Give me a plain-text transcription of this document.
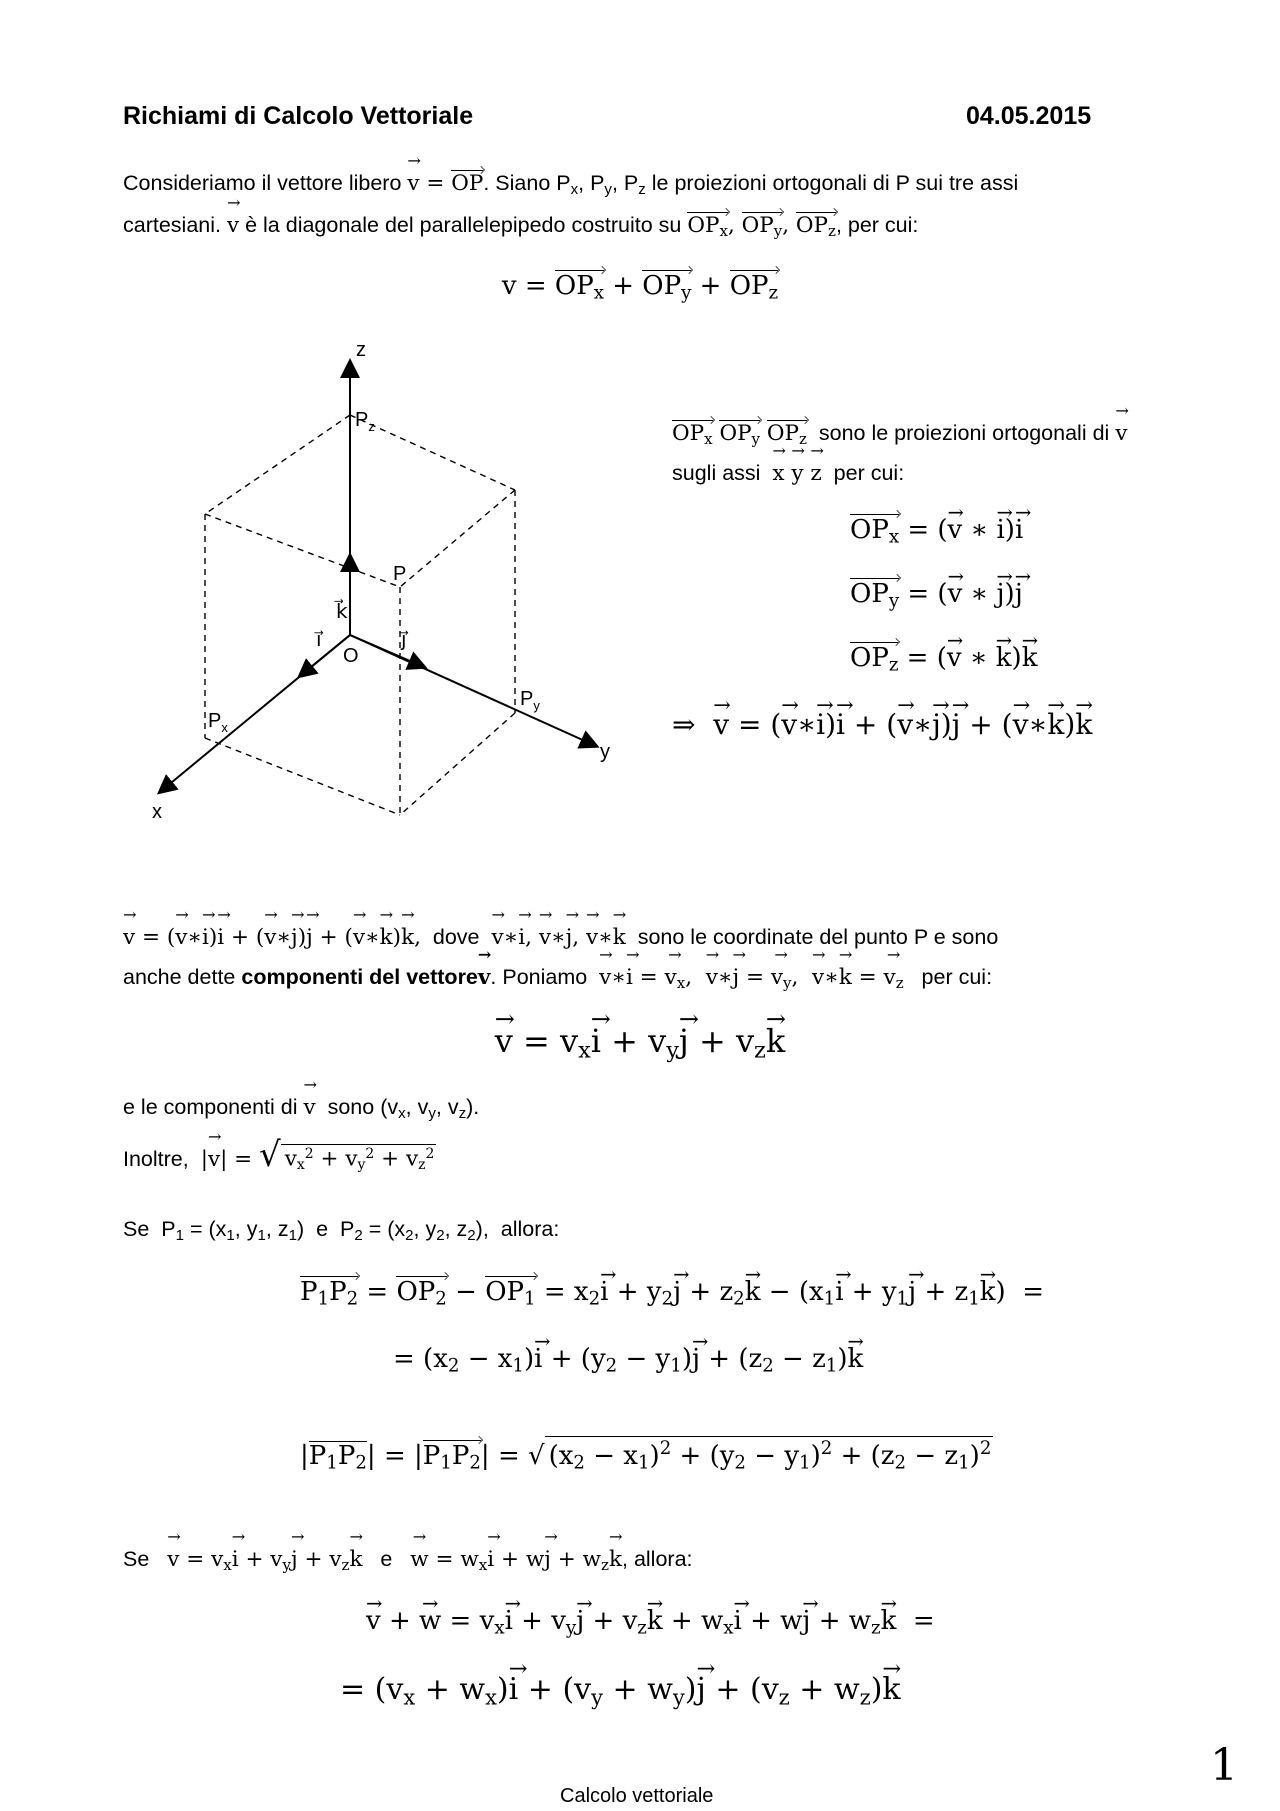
Richiami di Calcolo Vettoriale	04.05.2015
Consideriamo il vettore libero → v = OP. Siano $P_x$, $P_y$, $P_z$ le proiezioni ortogonali di P sui tre assi
cartesiani. → v è la diagonale del parallelepipedo costruito su $OP_x$, $OP_y$, $OP_z$, per cui:
$v = OP_x + OP_y + OP_z$
z
$P_z$
P
k⃗
i⃗	j⃗
O
$P_y$
$P_x$
y
x
$OP_x$ $OP_y$ $OP_z$ sono le proiezioni ortogonali di → v
sugli assi → x → y → z per cui:
$OP_x$ = (→ v ∗ → i)→ i
$OP_y$ = (→ v ∗ → j)→ j
$OP_z$ = (→ v ∗ → k)→ k
⇒  → v = (→ v∗→ i)→ i + (→ v∗→ j)→ j + (→ v∗→ k)→ k
→ v = (→ v∗→ i)→ i + (→ v∗→ j)→ j + (→ v∗→ k)→ k, dove → v∗→ i, → v∗→ j, → v∗→ k sono le coordinate del punto P e sono
anche dette componenti del vettore→ v. Poniamo → v∗→ i = → $v_x$,  → v∗→ j = → $v_y$,  → v∗→ k = → $v_z$ per cui:
→ $v = v_x\to i + v_y\to j + v_z\to k$
e le componenti di → v sono ($v_x$, $v_y$, $v_z$).
Inoltre, |→ v| = √ $v_x^2 + v_y^2 + v_z^2$
Se  $P_1 = (x_1$, $y_1$, $z_1$)  e  $P_2 = (x_2$, $y_2$, $z_2$),  allora:
$P_1P_2 = OP_2 - OP_1 = x_2\to i + y_2\to j + z_2\to k - (x_1\to i + y_1\to j + z_1\to k)$  =
= $(x_2 - x_1)\to i + (y_2 - y_1)\to j + (z_2 - z_1)\to k$
$|P_1P_2| = |P_1P_2|$ = √ $(x_2 - x_1)^2 + (y_2 - y_1)^2 + (z_2 - z_1)^2$
$Se \to v = v_x\to i + v_y\to j + v_z\to k$ $e \to w = w_x\to i + w\to j + w_z\to k$, allora:
→ v + → $w = v_x\to i + v_y\to j + v_z\to k + w_x\to i + w\to j + w_z\to k$  =
= $(v_x + w_x)\to i + (v_y + w_y)\to j + (v_z + w_z)\to k$
1
Calcolo vettoriale
